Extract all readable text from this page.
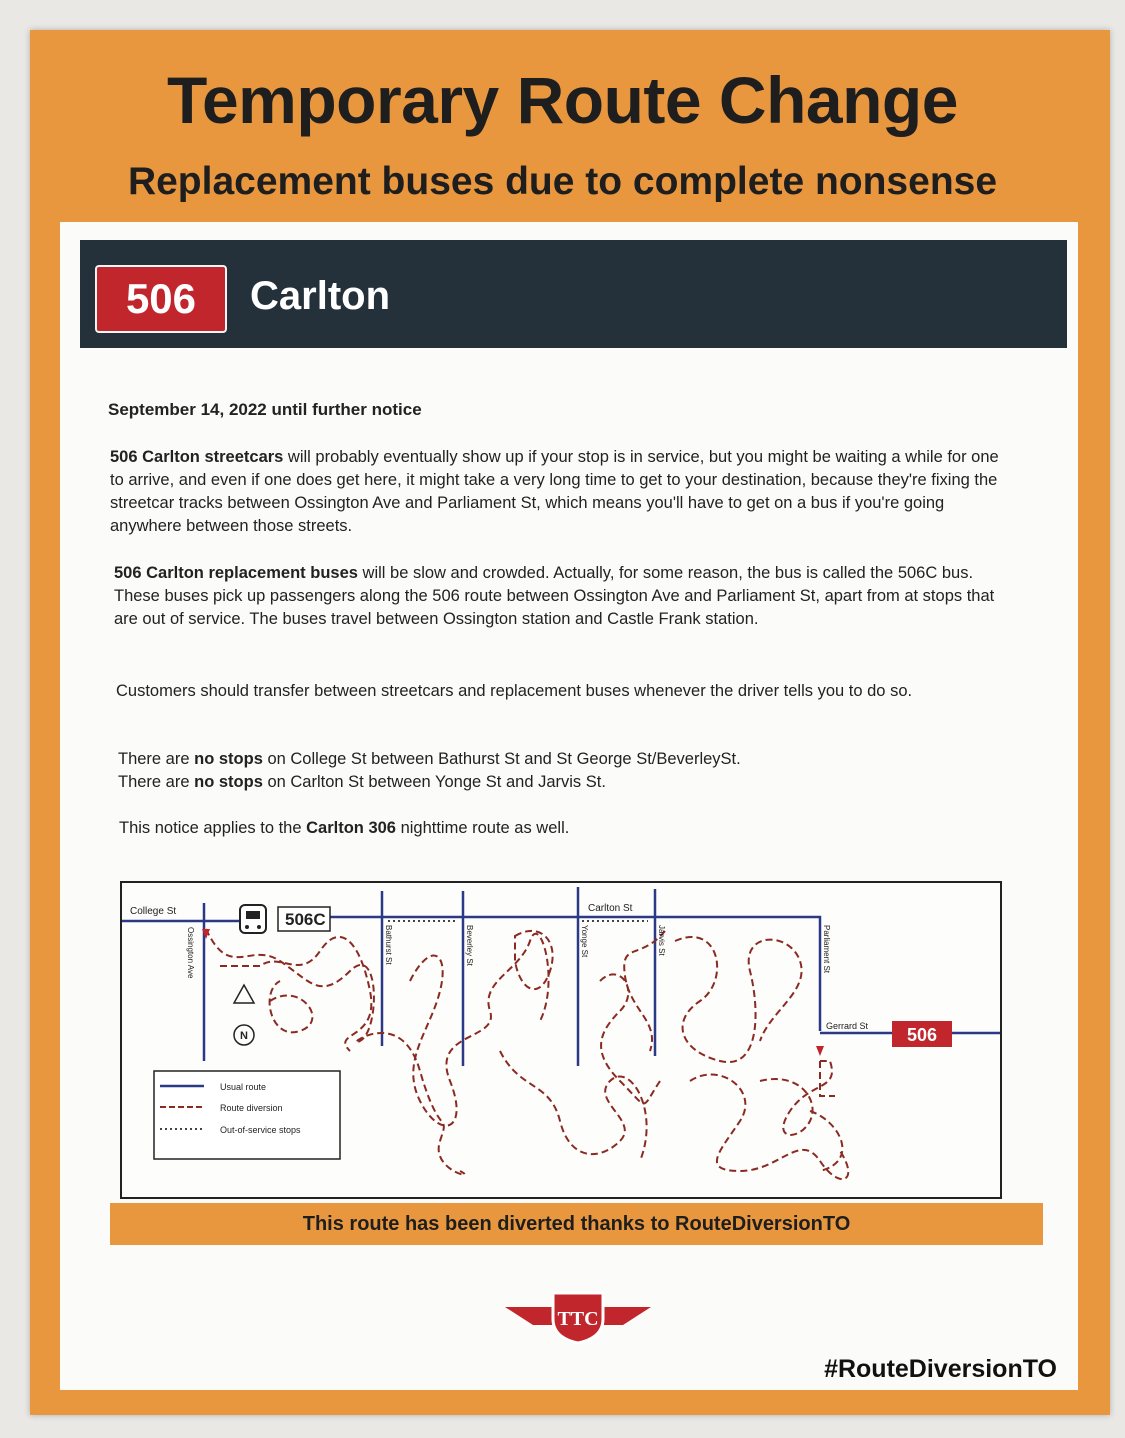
Temporary Route Change
Replacement buses due to complete nonsense
506	Carlton
September 14, 2022 until further notice
506 Carlton streetcars will probably eventually show up if your stop is in service, but you might be waiting a while for one to arrive, and even if one does get here, it might take a very long time to get to your destination, because they're fixing the streetcar tracks between Ossington Ave and Parliament St, which means you'll have to get on a bus if you're going anywhere between those streets.
506 Carlton replacement buses will be slow and crowded. Actually, for some reason, the bus is called the 506C bus. These buses pick up passengers along the 506 route between Ossington Ave and Parliament St, apart from at stops that are out of service. The buses travel between Ossington station and Castle Frank station.
Customers should transfer between streetcars and replacement buses whenever the driver tells you to do so.
There are no stops on College St between Bathurst St and St George St/BeverleySt.
There are no stops on Carlton St between Yonge St and Jarvis St.
This notice applies to the Carlton 306 nighttime route as well.
College St	Carlton St
Gerrard St
Ossington Ave	Bathurst St	Beverley St	Yonge St	Jarvis St	Parliament St
506C
N	506
Usual route
Route diversion
Out-of-service stops
This route has been diverted thanks to RouteDiversionTO
TTC
#RouteDiversionTO
